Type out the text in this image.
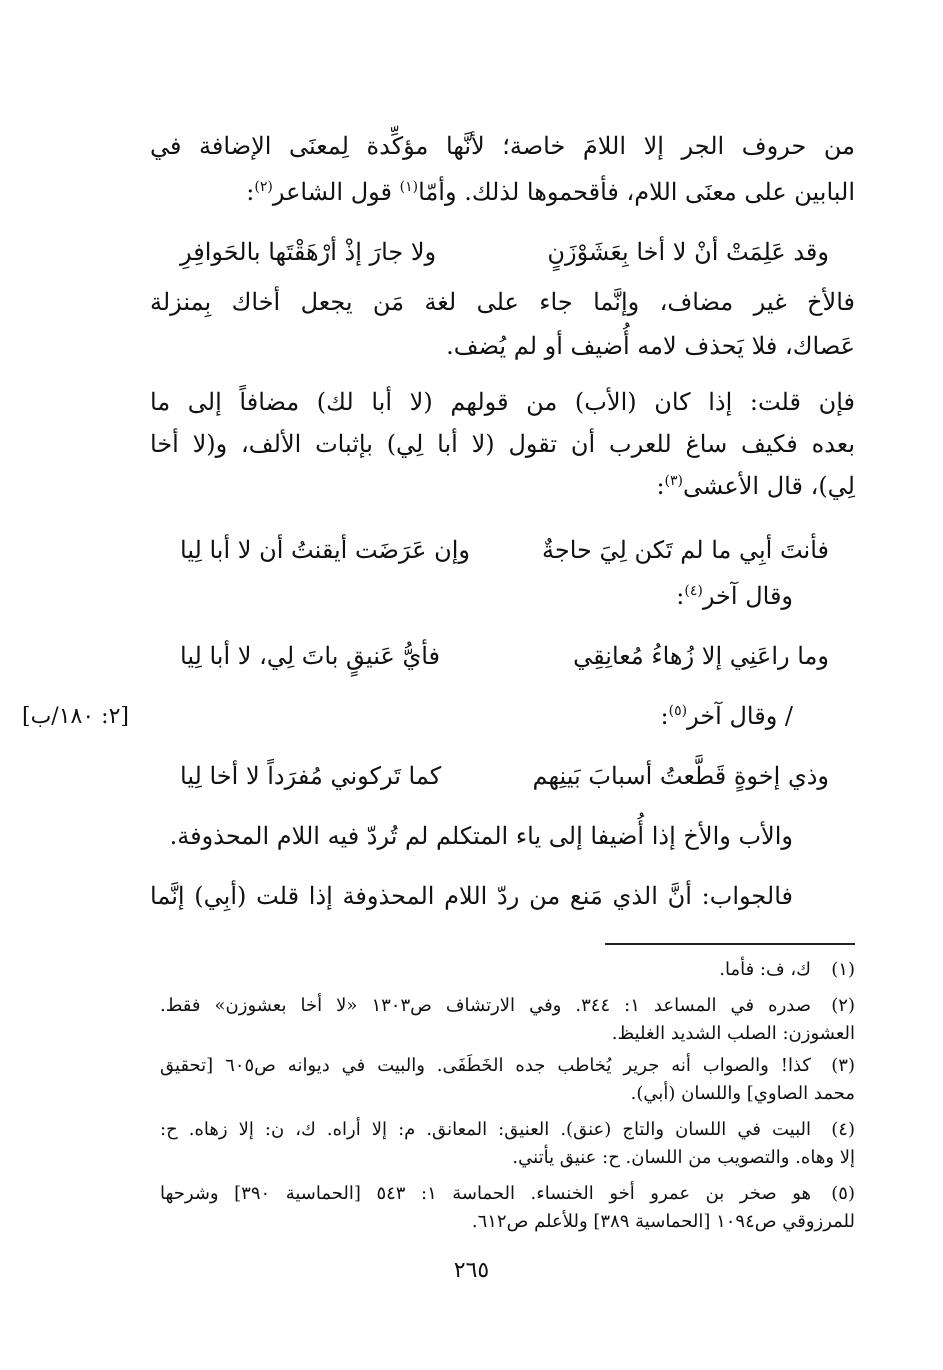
من حروف الجر إلا اللامَ خاصة؛ لأنَّها مؤكِّدة لِمعنَى الإضافة في
البابين على معنَى اللام، فأقحموها لذلك. وأمّا$^{(١)}$ قول الشاعر$^{(٢)}$:
وقد عَلِمَتْ أنْ لا أخا بِعَشَوْزَنٍ
ولا جارَ إذْ أرْهَقْتَها بالحَوافِرِ
فالأخ غير مضاف، وإنَّما جاء على لغة مَن يجعل أخاك بِمنزلة
عَصاك، فلا يَحذف لامه أُضيف أو لم يُضف.
فإن قلت: إذا كان (الأب) من قولهم (لا أبا لك) مضافاً إلى ما
بعده فكيف ساغ للعرب أن تقول (لا أبا لِي) بإثبات الألف، و(لا أخا
لِي)، قال الأعشى$^{(٣)}$:
فأنتَ أبِي ما لم تَكن لِيَ حاجةٌ
وإن عَرَضَت أيقنتُ أن لا أبا لِيا
وقال آخر$^{(٤)}$:
وما راعَنِي إلا زُهاءُ مُعانِقِي
فأيُّ عَنيقٍ باتَ لِي، لا أبا لِيا
/ وقال آخر$^{(٥)}$:
[٢: ١٨٠/ب]
وذي إخوةٍ قَطَّعتُ أسبابَ بَينِهم
كما تَركوني مُفرَداً لا أخا لِيا
والأب والأخ إذا أُضيفا إلى ياء المتكلم لم تُردّ فيه اللام المحذوفة.
فالجواب: أنَّ الذي مَنع من ردّ اللام المحذوفة إذا قلت (أبِي) إنَّما
(١)
ك، ف: فأما.
(٢)
صدره في المساعد ١: ٣٤٤. وفي الارتشاف ص١٣٠٣ «لا أخا بعشوزن» فقط.
العشوزن: الصلب الشديد الغليظ.
(٣)
كذا! والصواب أنه جرير يُخاطب جده الخَطَفَى. والبيت في ديوانه ص٦٠٥ [تحقيق
محمد الصاوي] واللسان (أبي).
(٤)
البيت في اللسان والتاج (عنق). العنيق: المعانق. م: إلا أراه. ك، ن: إلا زهاه. ح:
إلا وهاه. والتصويب من اللسان. ح: عنيق يأتني.
(٥)
هو صخر بن عمرو أخو الخنساء. الحماسة ١: ٥٤٣ [الحماسية ٣٩٠] وشرحها
للمرزوقي ص١٠٩٤ [الحماسية ٣٨٩] وللأعلم ص٦١٢.
٢٦٥
